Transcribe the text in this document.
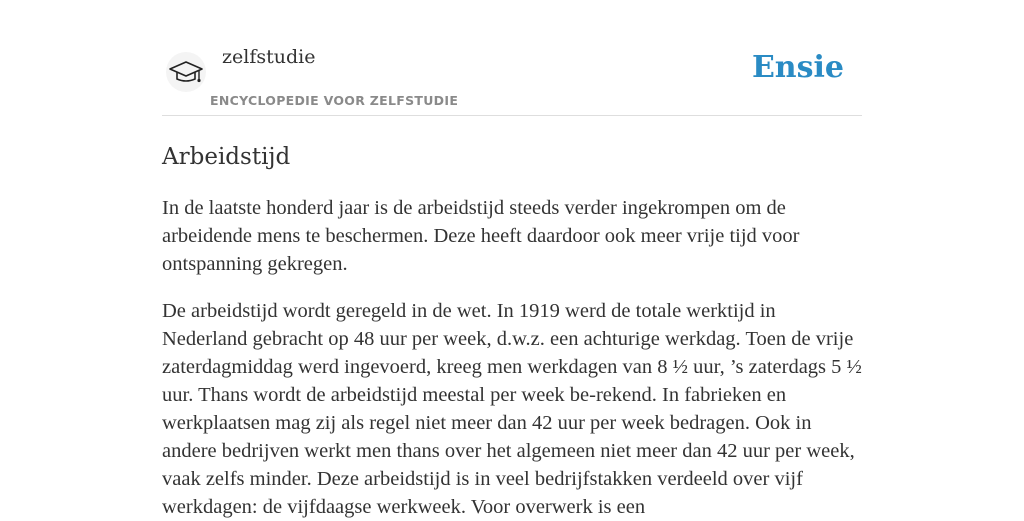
zelfstudie
ENCYCLOPEDIE VOOR ZELFSTUDIE
Ensie
Arbeidstijd

In de laatste honderd jaar is de arbeidstijd steeds verder ingekrompen om de arbeidende mens te beschermen. Deze heeft daardoor ook meer vrije tijd voor ontspanning gekregen.

De arbeidstijd wordt geregeld in de wet. In 1919 werd de totale werktijd in Nederland gebracht op 48 uur per week, d.w.z. een achturige werkdag. Toen de vrije zaterdagmiddag werd ingevoerd, kreeg men werkdagen van 8 ½ uur, ’s zaterdags 5 ½ uur. Thans wordt de arbeidstijd meestal per week be-rekend. In fabrieken en werkplaatsen mag zij als regel niet meer dan 42 uur per week bedragen. Ook in andere bedrijven werkt men thans over het algemeen niet meer dan 42 uur per week, vaak zelfs minder. Deze arbeidstijd is in veel bedrijfstakken verdeeld over vijf werkdagen: de vijfdaagse werkweek. Voor overwerk is een
